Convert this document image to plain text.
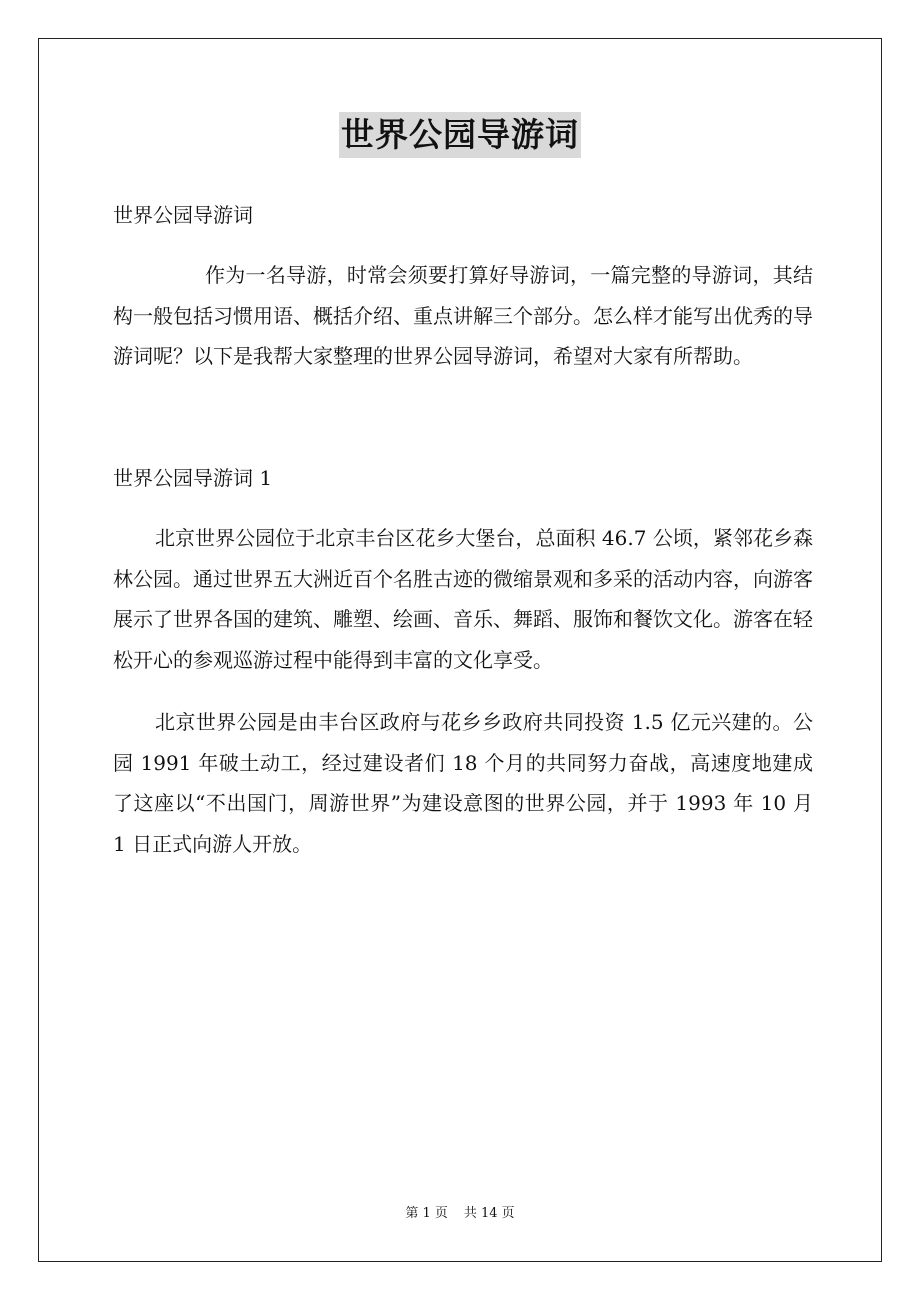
世界公园导游词

世界公园导游词

作为一名导游，时常会须要打算好导游词，一篇完整的导游词，其结构一般包括习惯用语、概括介绍、重点讲解三个部分。怎么样才能写出优秀的导游词呢？以下是我帮大家整理的世界公园导游词，希望对大家有所帮助。

世界公园导游词 1

北京世界公园位于北京丰台区花乡大堡台，总面积 46.7 公顷，紧邻花乡森林公园。通过世界五大洲近百个名胜古迹的微缩景观和多采的活动内容，向游客展示了世界各国的建筑、雕塑、绘画、音乐、舞蹈、服饰和餐饮文化。游客在轻松开心的参观巡游过程中能得到丰富的文化享受。

北京世界公园是由丰台区政府与花乡乡政府共同投资 1.5 亿元兴建的。公园 1991 年破土动工，经过建设者们 18 个月的共同努力奋战，高速度地建成了这座以“不出国门，周游世界”为建设意图的世界公园，并于 1993 年 10 月 1 日正式向游人开放。

第 1 页 共 14 页
